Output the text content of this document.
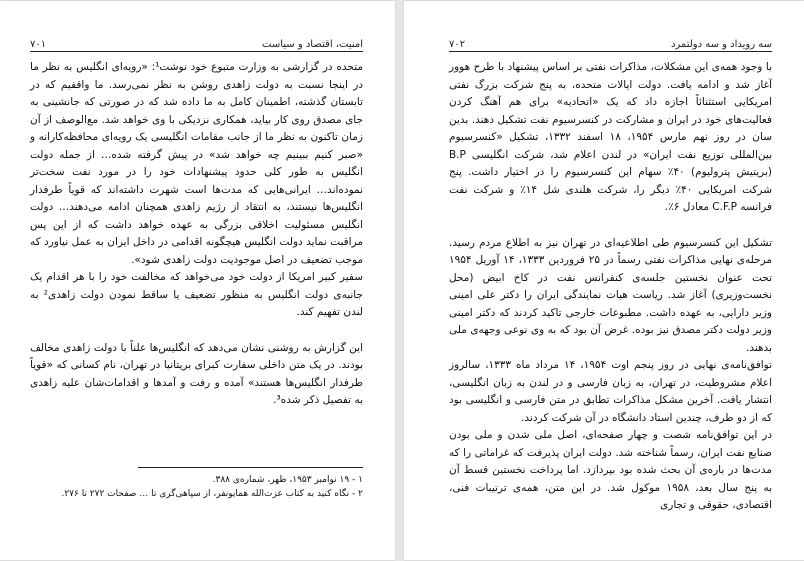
امنیت، اقتصاد و سیاست
۷۰۱

متحده در گزارشی به وزارت متبوع خود نوشت¹: «رویه‌ای انگلیس به نظر ما در اینجا نسبت به دولت زاهدی روشن به نظر نمی‌رسد. ما واقفیم که در تابستان گذشته، اطمینان کامل به ما داده شد که در صورتی که جانشینی به جای مصدق روی کار بیاید، همکاری نزدیکی با وی خواهد شد. مع‌الوصف از آن زمان تاکنون به نظر ما از جانب مقامات انگلیسی یک رویه‌ای محافظه‌کارانه و «صبر کنیم ببینیم چه خواهد شد» در پیش گرفته شده… از جمله دولت انگلیس به طور کلی حدود پیشنهادات خود را در مورد نفت سخت‌تر نموده‌اند… ایرانی‌هایی که مدت‌ها است شهرت داشته‌اند که قویاً طرفدار انگلیس‌ها نیستند، به انتقاد از رژیم زاهدی همچنان ادامه می‌دهند… دولت انگلیس مسئولیت اخلاقی بزرگی به عهده خواهد داشت که از این پس مراقبت نماید دولت انگلیس هیچگونه اقدامی در داخل ایران به عمل نیاورد که موجب تضعیف در اصل موجودیت دولت زاهدی شود».

سفیر کبیر امریکا از دولت خود می‌خواهد که مخالفت خود را با هر اقدام یک جانبه‌ی دولت انگلیس به منظور تضعیف یا ساقط نمودن دولت زاهدی² به لندن تفهیم کند.

این گزارش به روشنی نشان می‌دهد که انگلیس‌ها علناً با دولت زاهدی مخالف بودند. در یک متن داخلی سفارت کبرای بریتانیا در تهران، نام کسانی که «قویاً طرفدار انگلیس‌ها هستند» آمده و رفت و آمدها و اقدامات‌شان علیه زاهدی به تفصیل ذکر شده³.

۱ - ۱۹ نوامبر ۱۹۵۳، ظهر، شماره‌ی ۳۸۸.

۲ - نگاه کنید به کتاب عزت‌الله همایونفر، از سپاهی‌گری تا … صفحات ۲۷۲ تا ۲۷۶.

سه رویداد و سه دولتمرد
۷۰۲

با وجود همه‌ی این مشکلات، مذاکرات نفتی بر اساس پیشنهاد با طرح هوور آغاز شد و ادامه یافت. دولت ایالات متحده، به پنج شرکت بزرگ نفتی امریکایی استثنائاً اجازه داد که یک «اتحادیه» برای هم آهنگ کردن فعالیت‌های خود در ایران و مشارکت در کنسرسیوم نفت تشکیل دهند. بدین سان در روز نهم مارس ۱۹۵۴، ۱۸ اسفند ۱۳۳۲، تشکیل «کنسرسیوم بین‌المللی توزیع نفت ایران» در لندن اعلام شد، شرکت انگلیسی B.P (بریتیش پترولیوم) ۴۰٪ سهام این کنسرسیوم را در اختیار داشت. پنج شرکت امریکایی ۴۰٪ دیگر را، شرکت هلندی شل ۱۴٪ و شرکت نفت فرانسه C.F.P معادل ۶٪.

تشکیل این کنسرسیوم طی اطلاعیه‌ای در تهران نیز به اطلاع مردم رسید. مرحله‌ی نهایی مذاکرات نفتی رسماً در ۲۵ فروردین ۱۳۳۳، ۱۴ آوریل ۱۹۵۴ تحت عنوان نخستین جلسه‌ی کنفرانس نفت در کاخ ابیض (محل نخست‌وزیری) آغاز شد. ریاست هیات نمایندگی ایران را دکتر علی امینی وزیر دارایی، به عهده داشت. مطبوعات خارجی تاکید کردند که دکتر امینی وزیر دولت دکتر مصدق نیز بوده. غرض آن بود که به وی نوعی وجهه‌ی ملی بدهند.

توافق‌نامه‌ی نهایی در روز پنجم اوت ۱۹۵۴، ۱۴ مرداد ماه ۱۳۳۳، سالروز اعلام مشروطیت، در تهران، به زبان فارسی و در لندن به زبان انگلیسی، انتشار یافت. آخرین مشکل مذاکرات تطابق در متن فارسی و انگلیسی بود که از دو طرف، چندین استاد دانشگاه در آن شرکت کردند.

در این توافق‌نامه شصت و چهار صفحه‌ای، اصل ملی شدن و ملی بودن صنایع نفت ایران، رسماً شناخته شد. دولت ایران پذیرفت که غراماتی را که مدت‌ها در باره‌ی آن بحث شده بود بپردازد. اما پرداخت نخستین قسط آن به پنج سال بعد، ۱۹۵۸ موکول شد. در این متن، همه‌ی ترتیبات فنی، اقتصادی، حقوقی و تجاری
